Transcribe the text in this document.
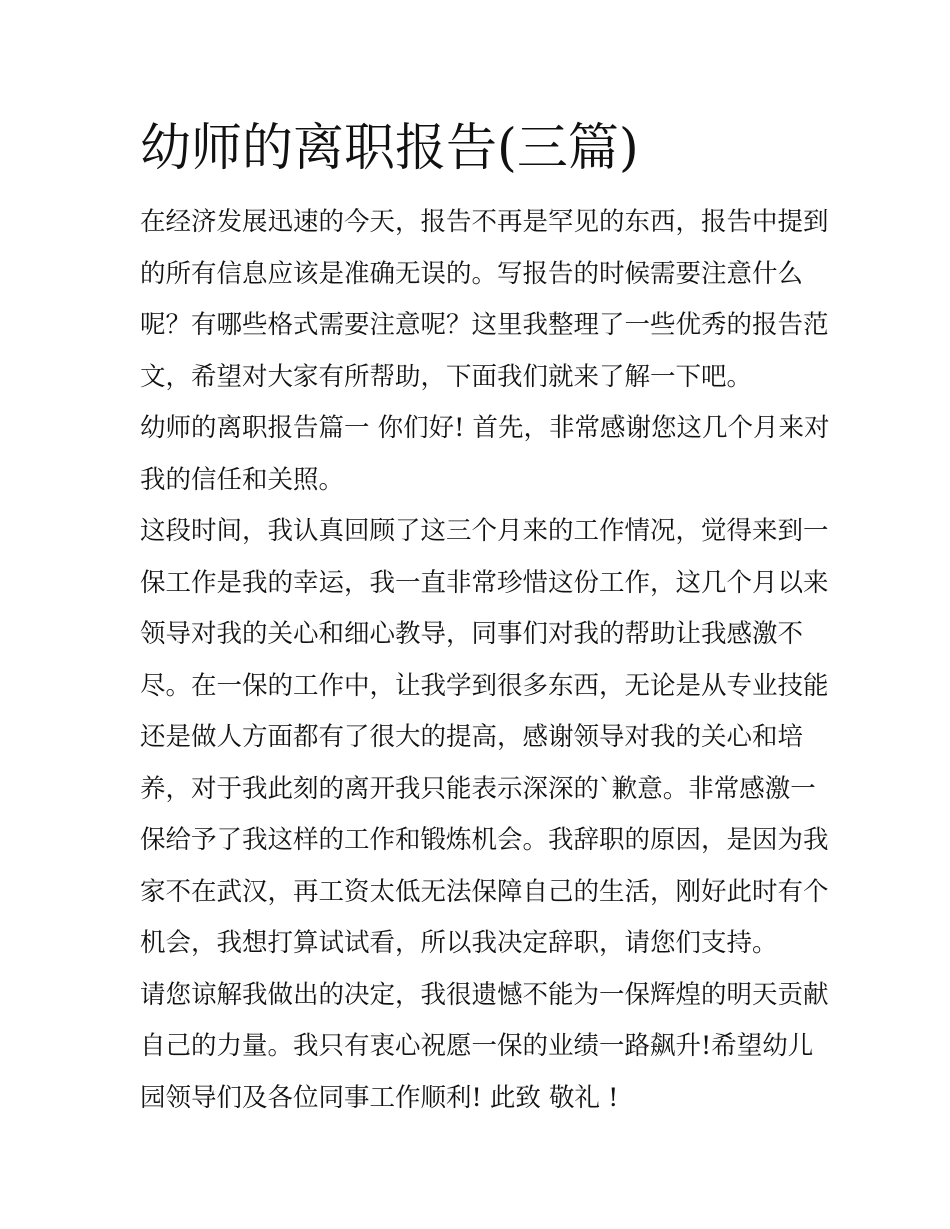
幼师的离职报告(三篇)

在经济发展迅速的今天，报告不再是罕见的东西，报告中提到
的所有信息应该是准确无误的。写报告的时候需要注意什么
呢？有哪些格式需要注意呢？这里我整理了一些优秀的报告范
文，希望对大家有所帮助，下面我们就来了解一下吧。

幼师的离职报告篇一 你们好! 首先，非常感谢您这几个月来对
我的信任和关照。

这段时间，我认真回顾了这三个月来的工作情况，觉得来到一
保工作是我的幸运，我一直非常珍惜这份工作，这几个月以来
领导对我的关心和细心教导，同事们对我的帮助让我感激不
尽。在一保的工作中，让我学到很多东西，无论是从专业技能
还是做人方面都有了很大的提高，感谢领导对我的关心和培
养，对于我此刻的离开我只能表示深深的`歉意。非常感激一
保给予了我这样的工作和锻炼机会。我辞职的原因，是因为我
家不在武汉，再工资太低无法保障自己的生活，刚好此时有个
机会，我想打算试试看，所以我决定辞职，请您们支持。

请您谅解我做出的决定，我很遗憾不能为一保辉煌的明天贡献
自己的力量。我只有衷心祝愿一保的业绩一路飙升!希望幼儿
园领导们及各位同事工作顺利! 此致 敬礼 !
